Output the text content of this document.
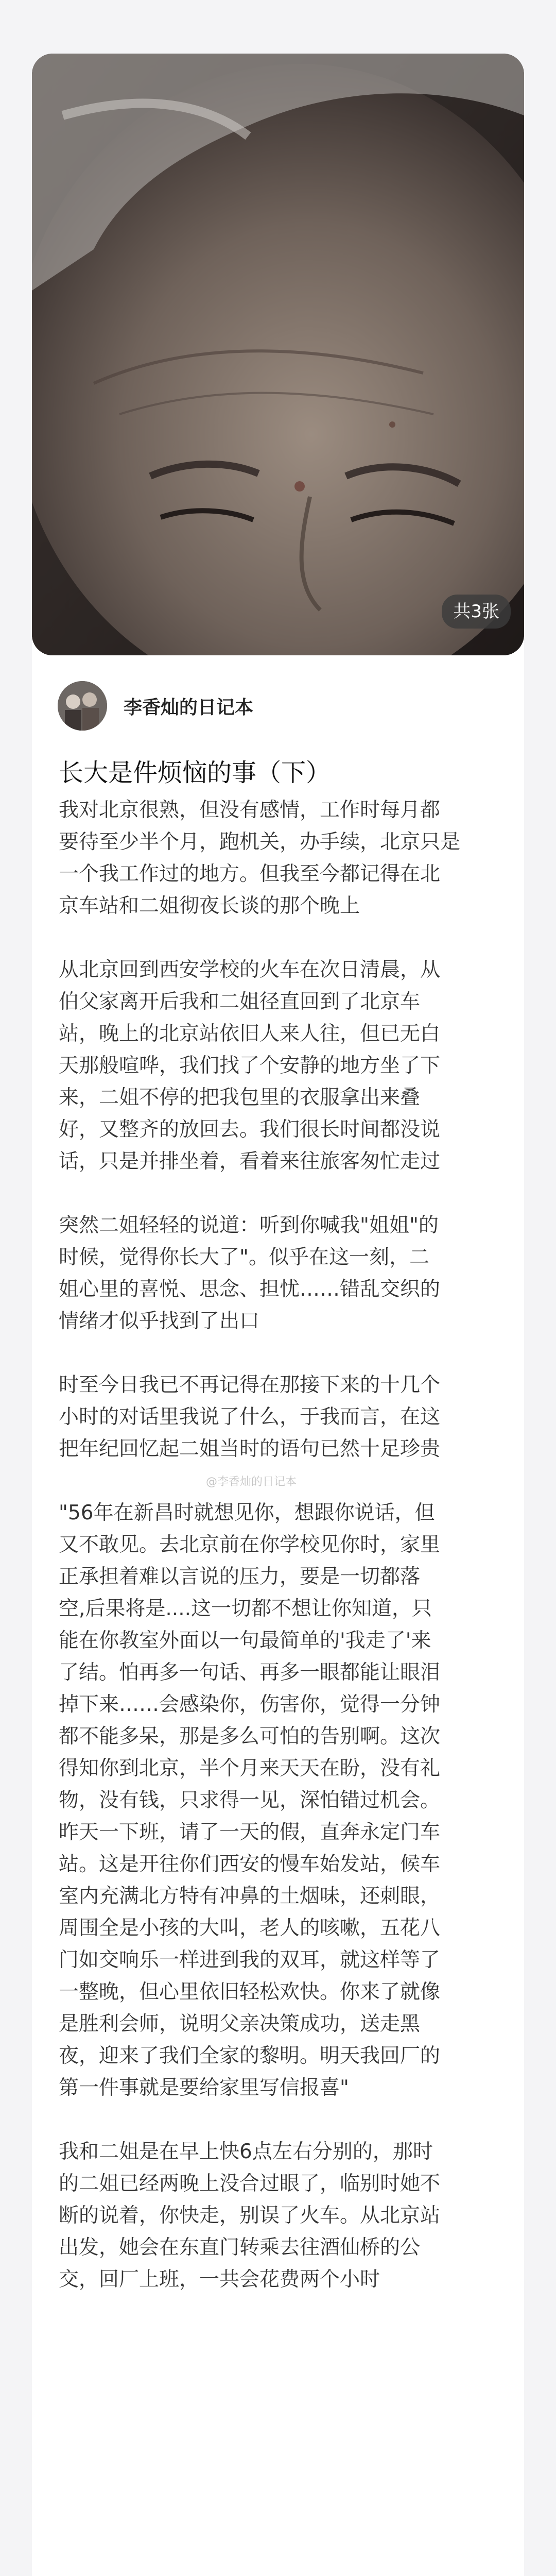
共3张
李香灿的日记本
长大是件烦恼的事（下）

我对北京很熟，但没有感情，工作时每月都
要待至少半个月，跑机关，办手续，北京只是
一个我工作过的地方。但我至今都记得在北
京车站和二姐彻夜长谈的那个晚上

从北京回到西安学校的火车在次日清晨，从
伯父家离开后我和二姐径直回到了北京车
站，晚上的北京站依旧人来人往，但已无白
天那般喧哗，我们找了个安静的地方坐了下
来，二姐不停的把我包里的衣服拿出来叠
好，又整齐的放回去。我们很长时间都没说
话，只是并排坐着，看着来往旅客匆忙走过

突然二姐轻轻的说道：听到你喊我"姐姐"的
时候，觉得你长大了"。似乎在这一刻，二
姐心里的喜悦、思念、担忧……错乱交织的
情绪才似乎找到了出口

时至今日我已不再记得在那接下来的十几个
小时的对话里我说了什么，于我而言，在这
把年纪回忆起二姐当时的语句已然十足珍贵

"56年在新昌时就想见你，想跟你说话，但
又不敢见。去北京前在你学校见你时，家里
正承担着难以言说的压力，要是一切都落
空,后果将是....这一切都不想让你知道，只
能在你教室外面以一句最简单的'我走了'来
了结。怕再多一句话、再多一眼都能让眼泪
掉下来……会感染你，伤害你，觉得一分钟
都不能多呆，那是多么可怕的告别啊。这次
得知你到北京，半个月来天天在盼，没有礼
物，没有钱，只求得一见，深怕错过机会。
昨天一下班，请了一天的假，直奔永定门车
站。这是开往你们西安的慢车始发站，候车
室内充满北方特有冲鼻的土烟味，还刺眼，
周围全是小孩的大叫，老人的咳嗽，五花八
门如交响乐一样进到我的双耳，就这样等了
一整晚，但心里依旧轻松欢快。你来了就像
是胜利会师，说明父亲决策成功，送走黑
夜，迎来了我们全家的黎明。明天我回厂的
第一件事就是要给家里写信报喜"

我和二姐是在早上快6点左右分别的，那时
的二姐已经两晚上没合过眼了，临别时她不
断的说着，你快走，别误了火车。从北京站
出发，她会在东直门转乘去往酒仙桥的公
交，回厂上班，一共会花费两个小时

@李香灿的日记本
